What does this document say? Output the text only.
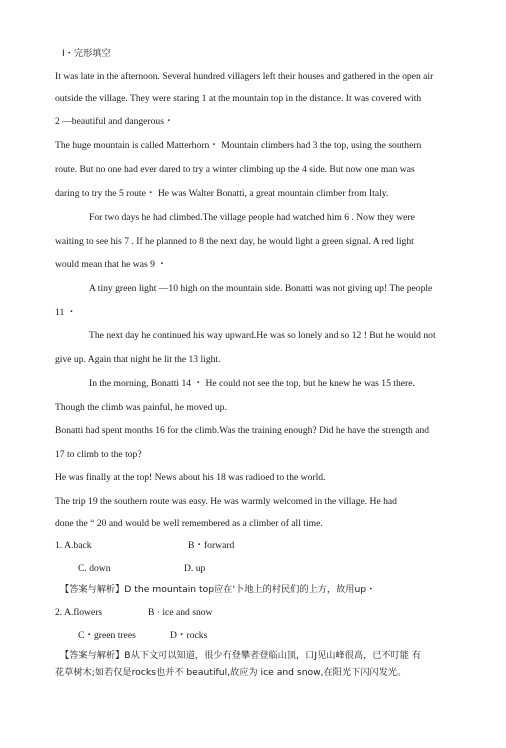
Ⅰ・完形填空
It was late in the afternoon. Several hundred villagers left their houses and gathered in the open air
outside the village. They were staring 1 at the mountain top in the distance. It was covered with
2 —beautiful and dangerous・
The huge mountain is called Matterhorn・ Mountain climbers had 3 the top, using the southern
route. But no one had ever dared to try a winter climbing up the 4 side. But now one man was
daring to try the 5 route・ He was Walter Bonatti, a great mountain climber from Italy.
For two days he had climbed.The village people had watched him 6 . Now they were
waiting to see his 7 . If he planned to 8 the next day, he would light a green signal. A red light
would mean that he was 9 ・
A tiny green light —10 high on the mountain side. Bonatti was not giving up! The people
11 ・
The next day he continued his way upward.He was so lonely and so 12 ! But he would not
give up. Again that night he lit the 13 light.
In the morning, Bonatti 14 ・ He could not see the top, but he knew he was 15 there.
Though the climb was painful, he moved up.
Bonatti had spent months 16 for the climb.Was the training enough? Did he have the strength and
17 to climb to the top?
He was finally at the top! News about his 18 was radioed to the world.
The trip 19 the southern route was easy. He was warmly welcomed in the village. He had
done the “ 20 and would be well remembered as a climber of all time.
1. A.back	B・forward
C. down	D. up
【答案与解析】D the mountain top应在'卜地上的村民们的上方，故用up・
2. A.flowers	B · ice and snow
C・green trees	D・rocks
【答案与解析】B从下文可以知道，很少冇登攀者登临山顶，口J见山峰很高，已不叮能 有
花草树木;如若仅是rocks也并不 beautiful,故应为 ice and snow,在阳光下闪闪发光。
